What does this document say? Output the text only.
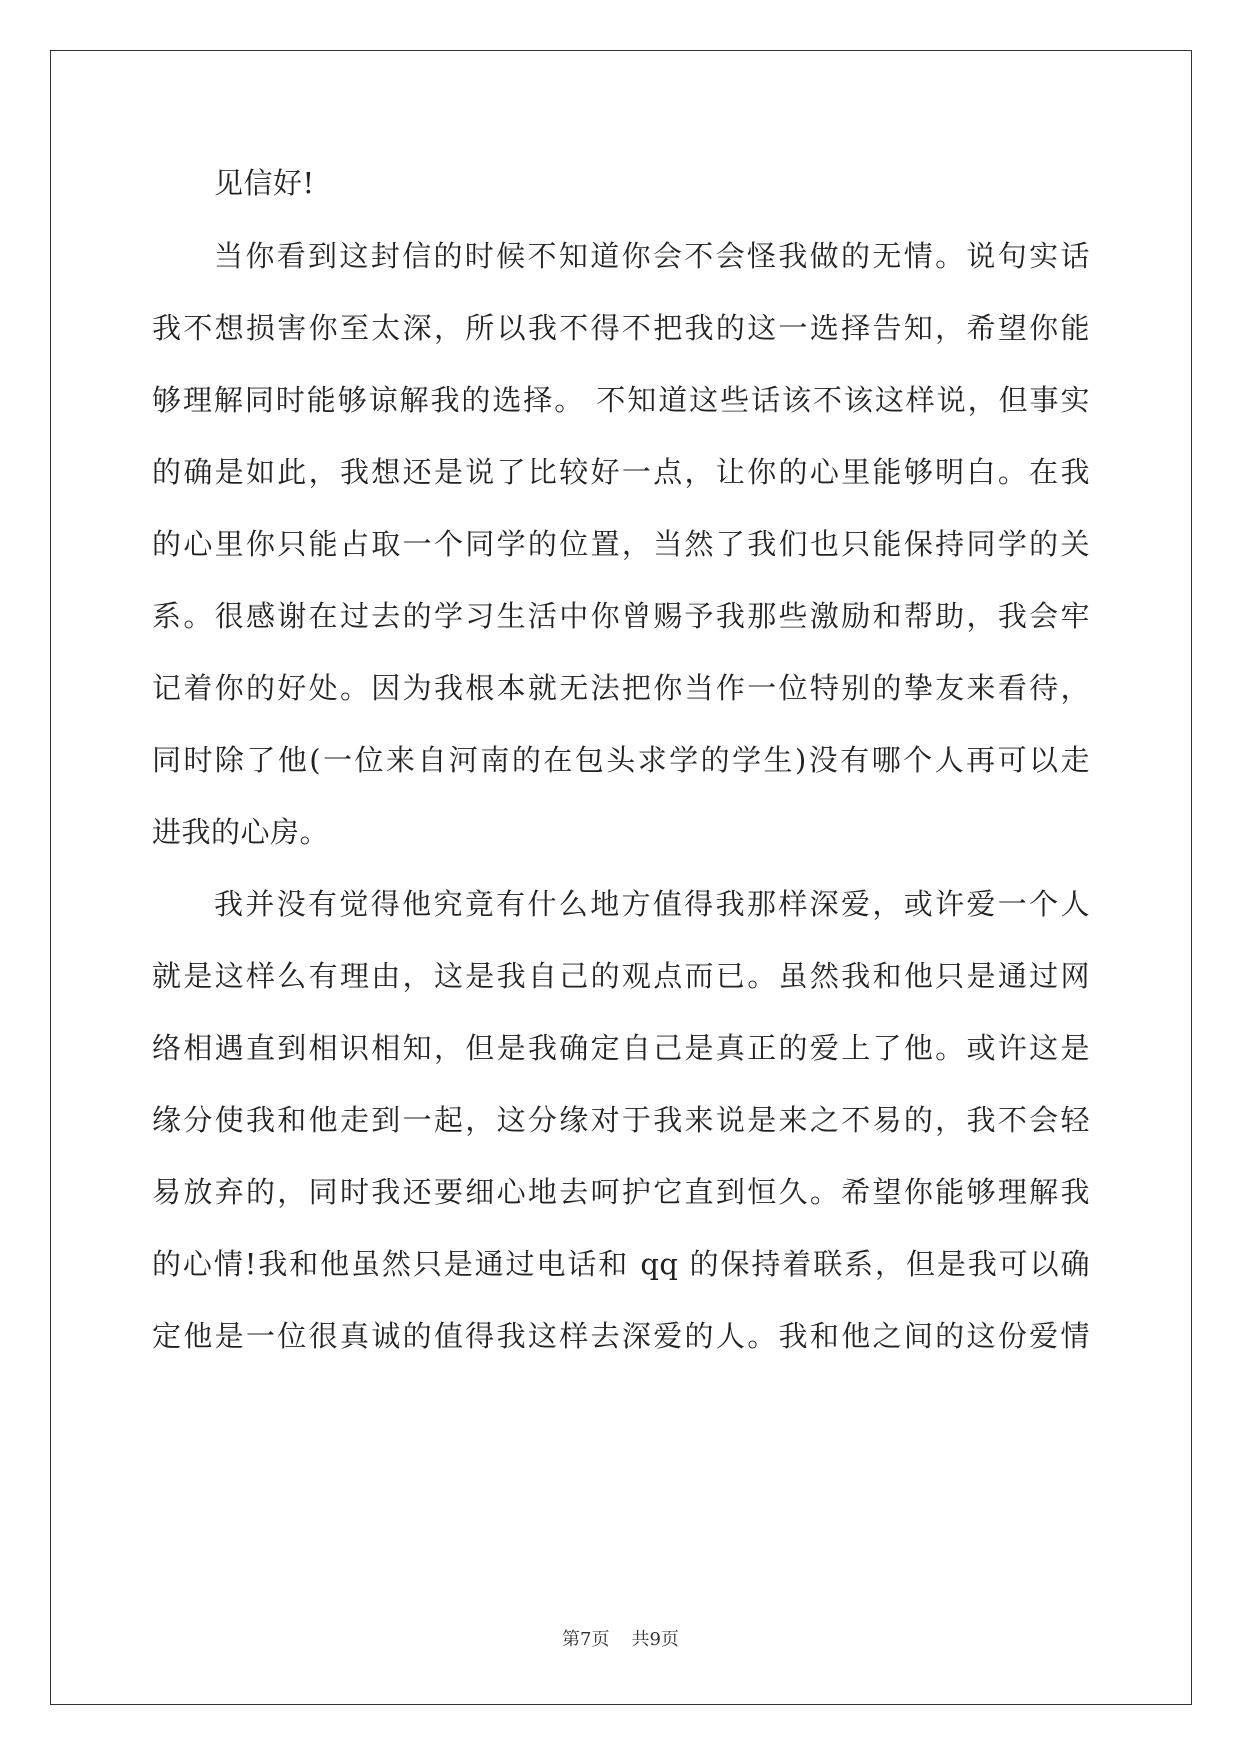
见信好!
当你看到这封信的时候不知道你会不会怪我做的无情。说句实话
我不想损害你至太深，所以我不得不把我的这一选择告知，希望你能
够理解同时能够谅解我的选择。 不知道这些话该不该这样说，但事实
的确是如此，我想还是说了比较好一点，让你的心里能够明白。在我
的心里你只能占取一个同学的位置，当然了我们也只能保持同学的关
系。很感谢在过去的学习生活中你曾赐予我那些激励和帮助，我会牢
记着你的好处。因为我根本就无法把你当作一位特别的挚友来看待，
同时除了他(一位来自河南的在包头求学的学生)没有哪个人再可以走
进我的心房。
我并没有觉得他究竟有什么地方值得我那样深爱，或许爱一个人
就是这样么有理由，这是我自己的观点而已。虽然我和他只是通过网
络相遇直到相识相知，但是我确定自己是真正的爱上了他。或许这是
缘分使我和他走到一起，这分缘对于我来说是来之不易的，我不会轻
易放弃的，同时我还要细心地去呵护它直到恒久。希望你能够理解我
的心情!我和他虽然只是通过电话和 qq 的保持着联系，但是我可以确
定他是一位很真诚的值得我这样去深爱的人。我和他之间的这份爱情
第7页 共9页
